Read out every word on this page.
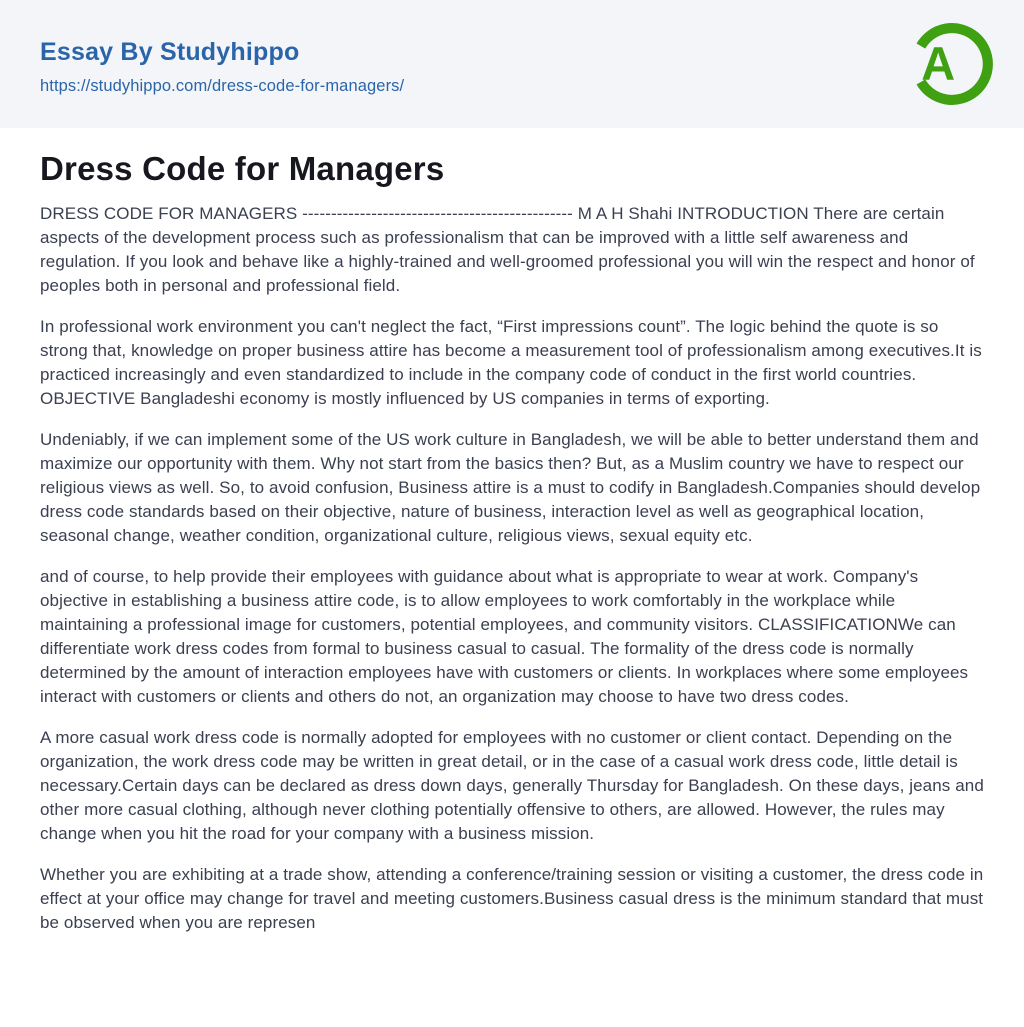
Essay By Studyhippo
https://studyhippo.com/dress-code-for-managers/	A
Dress Code for Managers

DRESS CODE FOR MANAGERS ----------------------------------------------- M A H Shahi INTRODUCTION There are certain aspects of the development process such as professionalism that can be improved with a little self awareness and regulation. If you look and behave like a highly-trained and well-groomed professional you will win the respect and honor of peoples both in personal and professional field.

In professional work environment you can't neglect the fact, “First impressions count”. The logic behind the quote is so strong that, knowledge on proper business attire has become a measurement tool of professionalism among executives.It is practiced increasingly and even standardized to include in the company code of conduct in the first world countries. OBJECTIVE Bangladeshi economy is mostly influenced by US companies in terms of exporting.

Undeniably, if we can implement some of the US work culture in Bangladesh, we will be able to better understand them and maximize our opportunity with them. Why not start from the basics then? But, as a Muslim country we have to respect our religious views as well. So, to avoid confusion, Business attire is a must to codify in Bangladesh.Companies should develop dress code standards based on their objective, nature of business, interaction level as well as geographical location, seasonal change, weather condition, organizational culture, religious views, sexual equity etc.

and of course, to help provide their employees with guidance about what is appropriate to wear at work. Company's objective in establishing a business attire code, is to allow employees to work comfortably in the workplace while maintaining a professional image for customers, potential employees, and community visitors. CLASSIFICATIONWe can differentiate work dress codes from formal to business casual to casual. The formality of the dress code is normally determined by the amount of interaction employees have with customers or clients. In workplaces where some employees interact with customers or clients and others do not, an organization may choose to have two dress codes.

A more casual work dress code is normally adopted for employees with no customer or client contact. Depending on the organization, the work dress code may be written in great detail, or in the case of a casual work dress code, little detail is necessary.Certain days can be declared as dress down days, generally Thursday for Bangladesh. On these days, jeans and other more casual clothing, although never clothing potentially offensive to others, are allowed. However, the rules may change when you hit the road for your company with a business mission.

Whether you are exhibiting at a trade show, attending a conference/training session or visiting a customer, the dress code in effect at your office may change for travel and meeting customers.Business casual dress is the minimum standard that must be observed when you are represen
